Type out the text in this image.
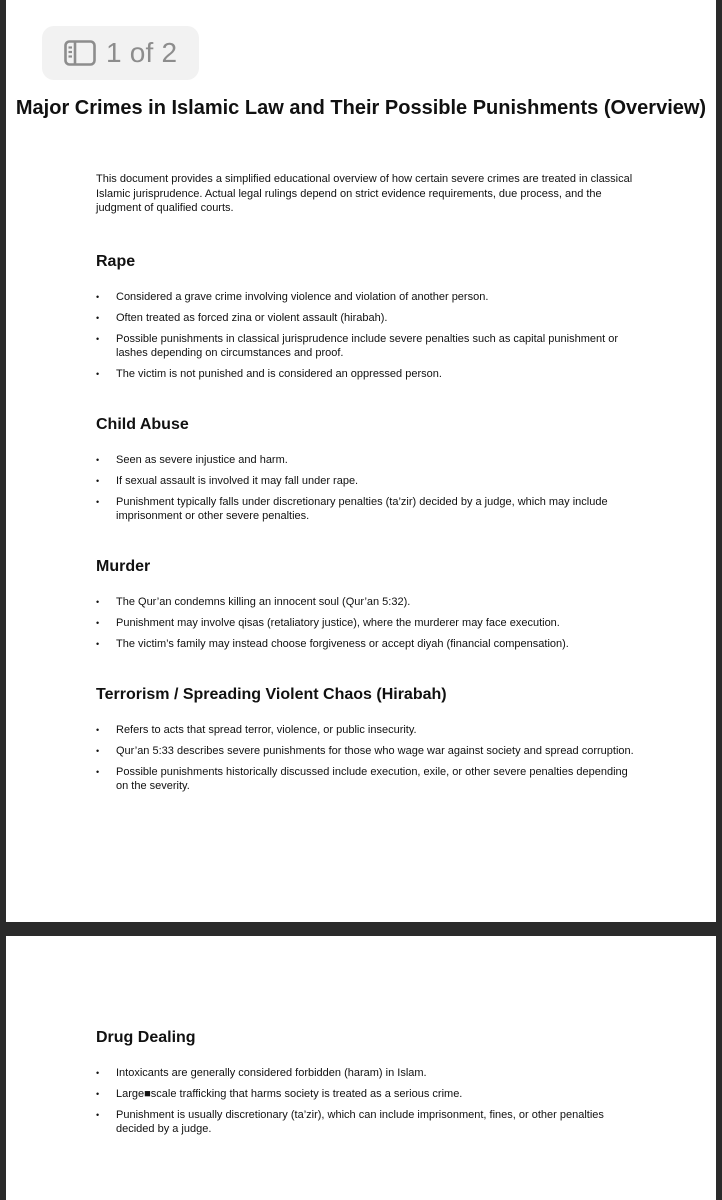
1 of 2
Major Crimes in Islamic Law and Their Possible Punishments (Overview)

This document provides a simplified educational overview of how certain severe crimes are treated in classical Islamic jurisprudence. Actual legal rulings depend on strict evidence requirements, due process, and the judgment of qualified courts.

Rape
• Considered a grave crime involving violence and violation of another person.
• Often treated as forced zina or violent assault (hirabah).
• Possible punishments in classical jurisprudence include severe penalties such as capital punishment or lashes depending on circumstances and proof.
• The victim is not punished and is considered an oppressed person.
Child Abuse
• Seen as severe injustice and harm.
• If sexual assault is involved it may fall under rape.
• Punishment typically falls under discretionary penalties (ta’zir) decided by a judge, which may include imprisonment or other severe penalties.
Murder
• The Qur’an condemns killing an innocent soul (Qur’an 5:32).
• Punishment may involve qisas (retaliatory justice), where the murderer may face execution.
• The victim’s family may instead choose forgiveness or accept diyah (financial compensation).
Terrorism / Spreading Violent Chaos (Hirabah)
• Refers to acts that spread terror, violence, or public insecurity.
• Qur’an 5:33 describes severe punishments for those who wage war against society and spread corruption.
• Possible punishments historically discussed include execution, exile, or other severe penalties depending on the severity.
Drug Dealing
• Intoxicants are generally considered forbidden (haram) in Islam.
• Large■scale trafficking that harms society is treated as a serious crime.
• Punishment is usually discretionary (ta’zir), which can include imprisonment, fines, or other penalties decided by a judge.
